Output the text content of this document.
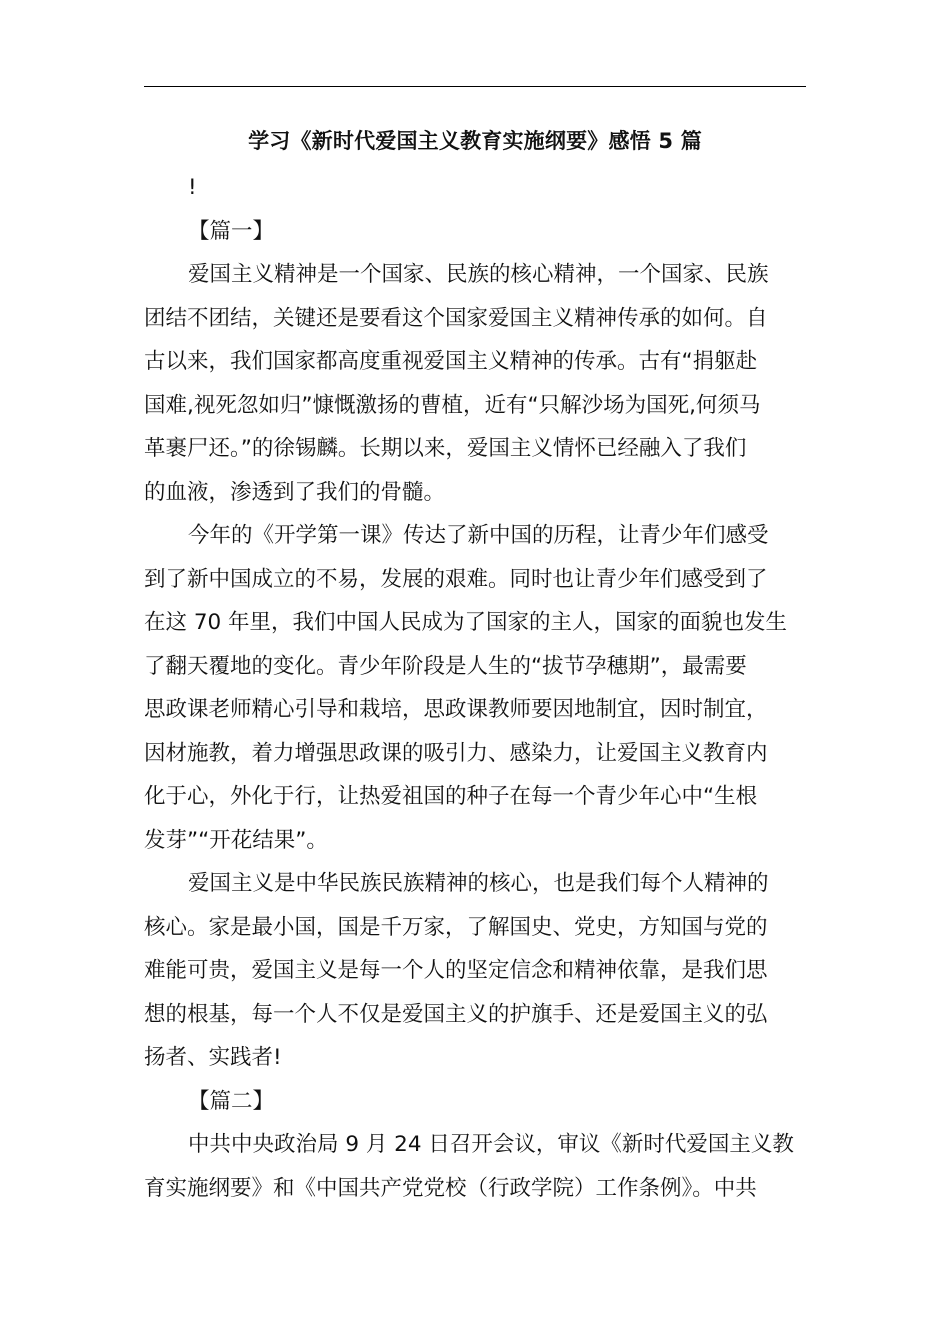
学习《新时代爱国主义教育实施纲要》感悟 5 篇
!
【篇一】
爱国主义精神是一个国家、民族的核心精神，一个国家、民族
团结不团结，关键还是要看这个国家爱国主义精神传承的如何。自
古以来，我们国家都高度重视爱国主义精神的传承。古有“捐躯赴
国难,视死忽如归”慷慨激扬的曹植，近有“只解沙场为国死,何须马
革裹尸还。”的徐锡麟。长期以来，爱国主义情怀已经融入了我们
的血液，渗透到了我们的骨髓。
今年的《开学第一课》传达了新中国的历程，让青少年们感受
到了新中国成立的不易，发展的艰难。同时也让青少年们感受到了
在这 70 年里，我们中国人民成为了国家的主人，国家的面貌也发生
了翻天覆地的变化。青少年阶段是人生的“拔节孕穗期”，最需要
思政课老师精心引导和栽培，思政课教师要因地制宜，因时制宜，
因材施教，着力增强思政课的吸引力、感染力，让爱国主义教育内
化于心，外化于行，让热爱祖国的种子在每一个青少年心中“生根
发芽”“开花结果”。
爱国主义是中华民族民族精神的核心，也是我们每个人精神的
核心。家是最小国，国是千万家，了解国史、党史，方知国与党的
难能可贵，爱国主义是每一个人的坚定信念和精神依靠，是我们思
想的根基，每一个人不仅是爱国主义的护旗手、还是爱国主义的弘
扬者、实践者!
【篇二】
中共中央政治局 9 月 24 日召开会议，审议《新时代爱国主义教
育实施纲要》和《中国共产党党校（行政学院）工作条例》。中共
